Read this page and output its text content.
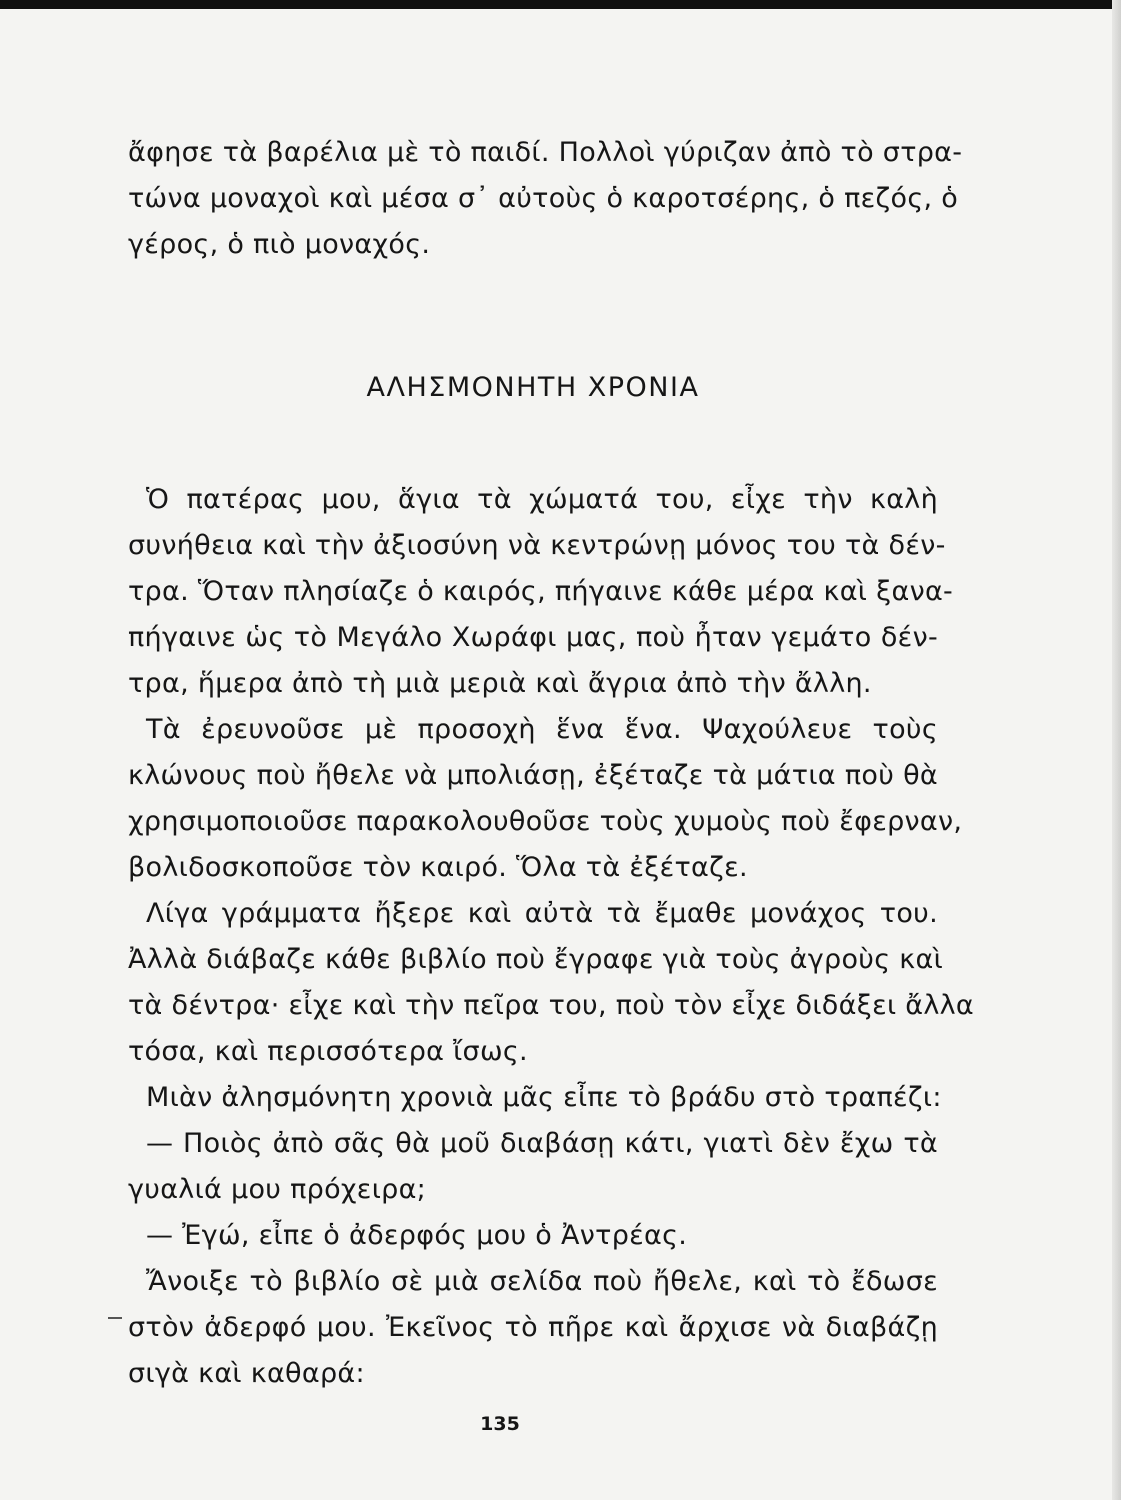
ἄφησε τὰ βαρέλια μὲ τὸ παιδί. Πολλοὶ γύριζαν ἀπὸ τὸ στρα-
τώνα μοναχοὶ καὶ μέσα σ᾽ αὐτοὺς ὁ καροτσέρης, ὁ πεζός, ὁ
γέρος, ὁ πιὸ μοναχός.
ΑΛΗΣΜΟΝΗΤΗ ΧΡΟΝΙΑ
Ὁ πατέρας μου, ἅγια τὰ χώματά του, εἶχε τὴν καλὴ
συνήθεια καὶ τὴν ἀξιοσύνη νὰ κεντρώνῃ μόνος του τὰ δέν-
τρα. Ὅταν πλησίαζε ὁ καιρός, πήγαινε κάθε μέρα καὶ ξανα-
πήγαινε ὡς τὸ Μεγάλο Χωράφι μας, ποὺ ἦταν γεμάτο δέν-
τρα, ἥμερα ἀπὸ τὴ μιὰ μεριὰ καὶ ἄγρια ἀπὸ τὴν ἄλλη.
Τὰ ἐρευνοῦσε μὲ προσοχὴ ἕνα ἕνα. Ψαχούλευε τοὺς
κλώνους ποὺ ἤθελε νὰ μπολιάσῃ, ἐξέταζε τὰ μάτια ποὺ θὰ
χρησιμοποιοῦσε παρακολουθοῦσε τοὺς χυμοὺς ποὺ ἔφερναν,
βολιδοσκοποῦσε τὸν καιρό. Ὅλα τὰ ἐξέταζε.
Λίγα γράμματα ἤξερε καὶ αὐτὰ τὰ ἔμαθε μονάχος του.
Ἀλλὰ διάβαζε κάθε βιβλίο ποὺ ἔγραφε γιὰ τοὺς ἀγροὺς καὶ
τὰ δέντρα· εἶχε καὶ τὴν πεῖρα του, ποὺ τὸν εἶχε διδάξει ἄλλα
τόσα, καὶ περισσότερα ἴσως.
Μιὰν ἀλησμόνητη χρονιὰ μᾶς εἶπε τὸ βράδυ στὸ τραπέζι:
— Ποιὸς ἀπὸ σᾶς θὰ μοῦ διαβάσῃ κάτι, γιατὶ δὲν ἔχω τὰ
γυαλιά μου πρόχειρα;
— Ἐγώ, εἶπε ὁ ἀδερφός μου ὁ Ἀντρέας.
Ἄνοιξε τὸ βιβλίο σὲ μιὰ σελίδα ποὺ ἤθελε, καὶ τὸ ἔδωσε
στὸν ἀδερφό μου. Ἐκεῖνος τὸ πῆρε καὶ ἄρχισε νὰ διαβάζῃ
σιγὰ καὶ καθαρά:
135
